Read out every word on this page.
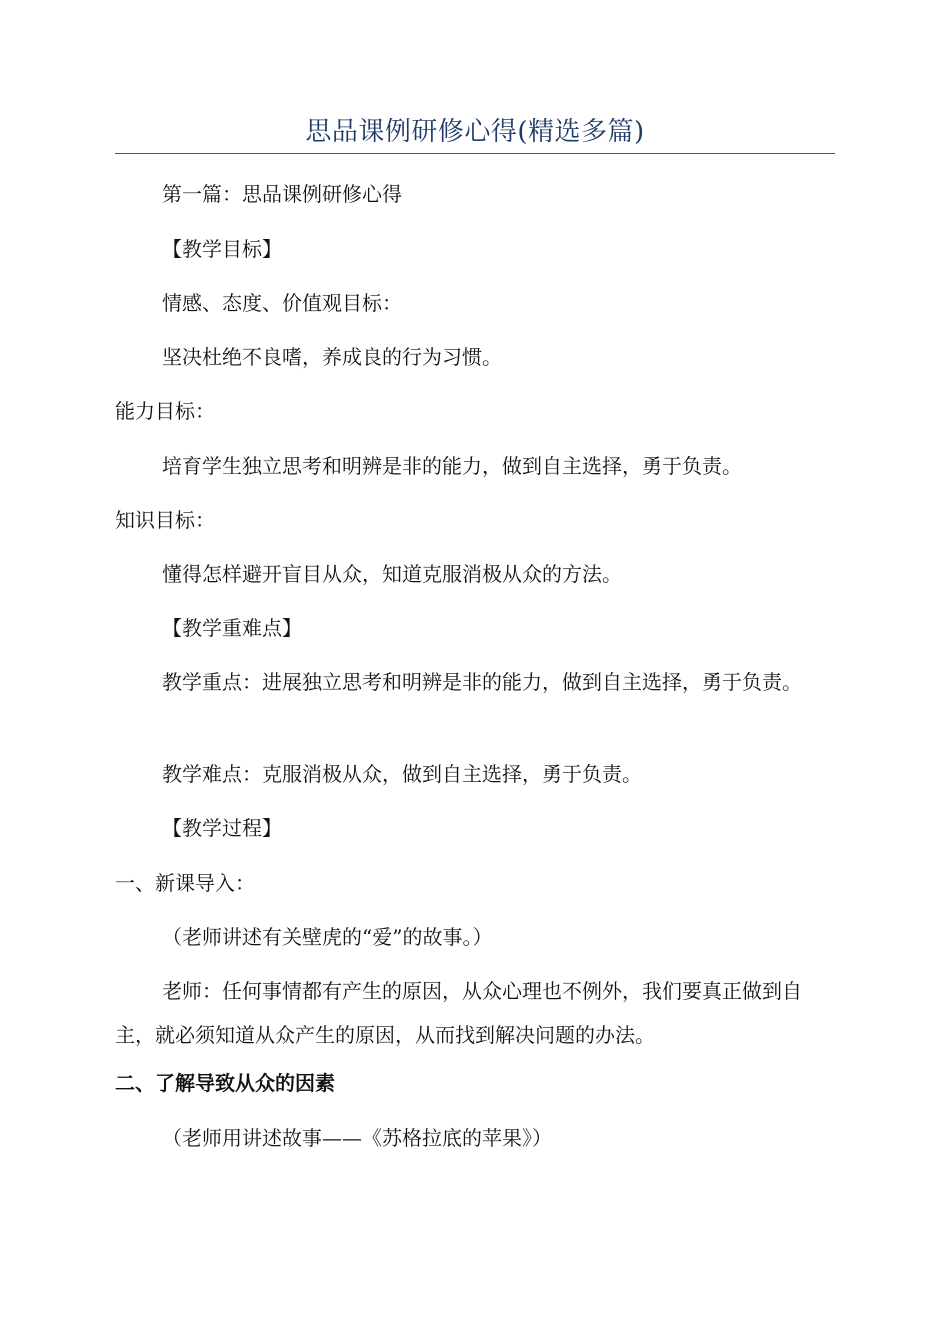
思品课例研修心得(精选多篇)
第一篇：思品课例研修心得
【教学目标】
情感、态度、价值观目标：
坚决杜绝不良嗜，养成良的行为习惯。
能力目标：
培育学生独立思考和明辨是非的能力，做到自主选择，勇于负责。
知识目标：
懂得怎样避开盲目从众，知道克服消极从众的方法。
【教学重难点】
教学重点：进展独立思考和明辨是非的能力，做到自主选择，勇于负责。
教学难点：克服消极从众，做到自主选择，勇于负责。
【教学过程】
一、新课导入：
（老师讲述有关壁虎的“爱”的故事。）
老师：任何事情都有产生的原因，从众心理也不例外，我们要真正做到自主，就必须知道从众产生的原因，从而找到解决问题的办法。
二、了解导致从众的因素
（老师用讲述故事——《苏格拉底的苹果》）
